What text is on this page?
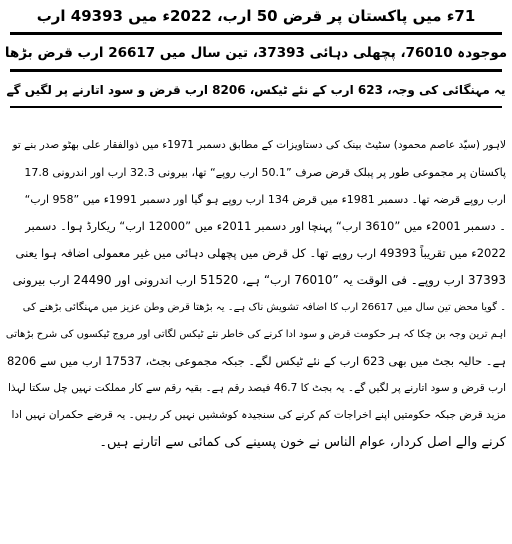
71ء میں پاکستان پر قرض 50 ارب، 2022ء میں 49393 ارب
موجودہ 76010، پچھلی دہائی 37393، تین سال میں 26617 ارب قرض بڑھا
یہ مہنگائی کی وجہ، 623 ارب کے نئے ٹیکس، 8206 ارب قرض و سود اتارنے پر لگیں گے
لاہور (سیّد عاصم محمود) سٹیٹ بینک کی دستاویزات کے مطابق دسمبر 1971ء میں ذوالفقار علی بھٹو صدر بنے تو
پاکستان پر مجموعی طور پر پبلک قرض صرف ”50.1 ارب روپے“ تھا، بیرونی 32.3 ارب اور اندرونی 17.8
ارب روپے قرضہ تھا۔ دسمبر 1981ء میں قرض 134 ارب روپے ہو گیا اور دسمبر 1991ء میں ”958 ارب“
۔ دسمبر 2001ء میں ”3610 ارب“ پہنچا اور دسمبر 2011ء میں ”12000 ارب“ ریکارڈ ہوا۔ دسمبر
2022ء میں تقریباً 49393 ارب روپے تھا۔ کل قرض میں پچھلی دہائی میں غیر معمولی اضافہ ہوا یعنی
37393 ارب روپے۔ فی الوقت یہ ”76010 ارب“ ہے، 51520 ارب اندرونی اور 24490 ارب بیرونی
۔ گویا محض تین سال میں 26617 ارب کا اضافہ تشویش ناک ہے۔ یہ بڑھتا قرض وطن عزیز میں مہنگائی بڑھنے کی
اہم ترین وجہ بن چکا کہ ہر حکومت قرض و سود ادا کرنے کی خاطر نئے ٹیکس لگاتی اور مروج ٹیکسوں کی شرح بڑھاتی
ہے۔ حالیہ بجٹ میں بھی 623 ارب کے نئے ٹیکس لگے۔ جبکہ مجموعی بجٹ، 17537 ارب میں سے 8206
ارب قرض و سود اتارنے پر لگیں گے۔ یہ بجٹ کا 46.7 فیصد رقم ہے۔ بقیہ رقم سے کار مملکت نہیں چل سکتا لہذا
مزید قرض جبکہ حکومتیں اپنے اخراجات کم کرنے کی سنجیدہ کوششیں نہیں کر رہیں۔ یہ قرضے حکمران نہیں ادا
کرنے والے اصل کردار، عوام الناس نے خون پسینے کی کمائی سے اتارنے ہیں۔
